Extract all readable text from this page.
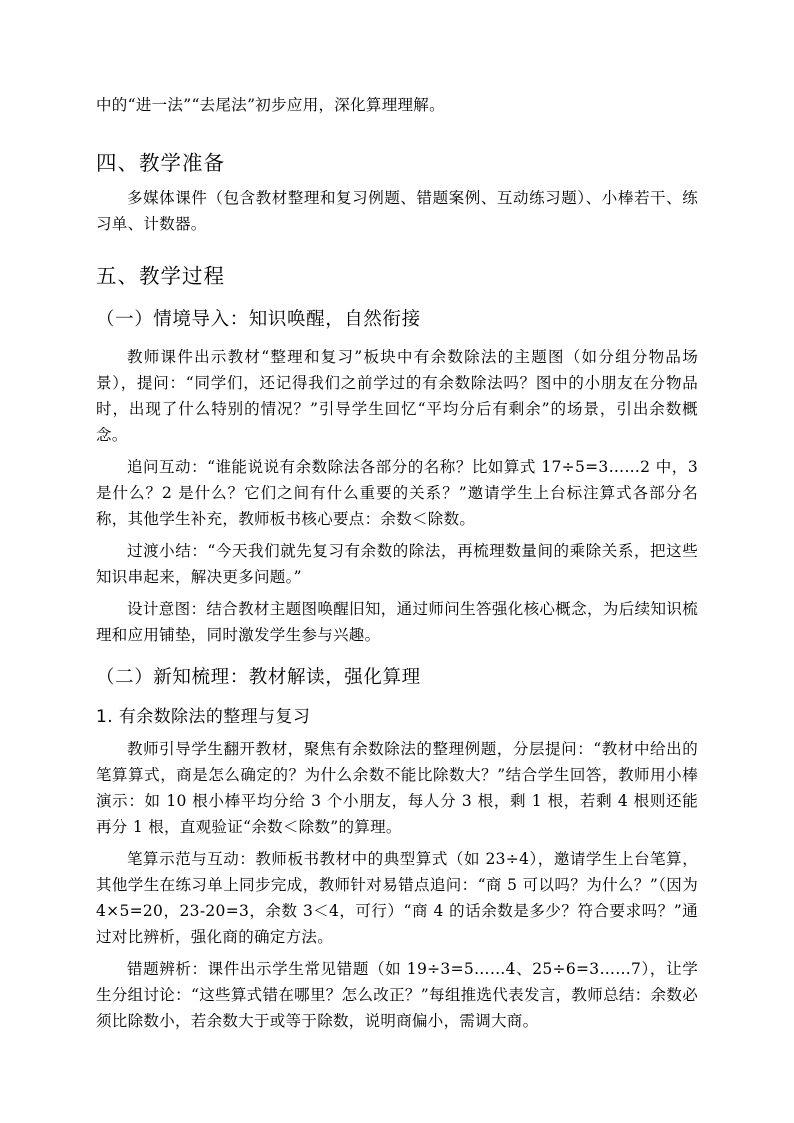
中的“进一法”“去尾法”初步应用，深化算理理解。

四、教学准备

多媒体课件（包含教材整理和复习例题、错题案例、互动练习题）、小棒若干、练习单、计数器。

五、教学过程
（一）情境导入：知识唤醒，自然衔接

教师课件出示教材“整理和复习”板块中有余数除法的主题图（如分组分物品场景），提问：“同学们，还记得我们之前学过的有余数除法吗？图中的小朋友在分物品时，出现了什么特别的情况？”引导学生回忆“平均分后有剩余”的场景，引出余数概念。

追问互动：“谁能说说有余数除法各部分的名称？比如算式 17÷5=3……2 中，3 是什么？2 是什么？它们之间有什么重要的关系？”邀请学生上台标注算式各部分名称，其他学生补充，教师板书核心要点：余数＜除数。

过渡小结：“今天我们就先复习有余数的除法，再梳理数量间的乘除关系，把这些知识串起来，解决更多问题。”

设计意图：结合教材主题图唤醒旧知，通过师问生答强化核心概念，为后续知识梳理和应用铺垫，同时激发学生参与兴趣。

（二）新知梳理：教材解读，强化算理
1. 有余数除法的整理与复习

教师引导学生翻开教材，聚焦有余数除法的整理例题，分层提问：“教材中给出的笔算算式，商是怎么确定的？为什么余数不能比除数大？”结合学生回答，教师用小棒演示：如 10 根小棒平均分给 3 个小朋友，每人分 3 根，剩 1 根，若剩 4 根则还能再分 1 根，直观验证“余数＜除数”的算理。

笔算示范与互动：教师板书教材中的典型算式（如 23÷4），邀请学生上台笔算，其他学生在练习单上同步完成，教师针对易错点追问：“商 5 可以吗？为什么？”（因为 4×5=20，23-20=3，余数 3＜4，可行）“商 4 的话余数是多少？符合要求吗？”通过对比辨析，强化商的确定方法。

错题辨析：课件出示学生常见错题（如 19÷3=5……4、25÷6=3……7），让学生分组讨论：“这些算式错在哪里？怎么改正？”每组推选代表发言，教师总结：余数必须比除数小，若余数大于或等于除数，说明商偏小，需调大商。
